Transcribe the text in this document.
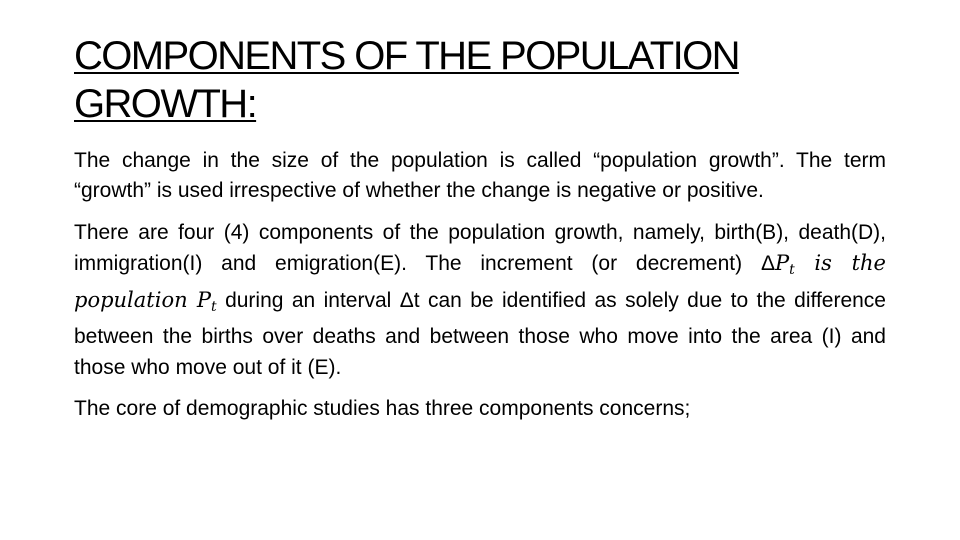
COMPONENTS OF THE POPULATION
GROWTH:

The change in the size of the population is called “population growth”. The term “growth” is used irrespective of whether the change is negative or positive.

There are four (4) components of the population growth, namely, birth(B), death(D), immigration(I) and emigration(E). The increment (or decrement) $\Delta P_t$ is the population $P_t$ during an interval Δt can be identified as solely due to the difference between the births over deaths and between those who move into the area (I) and those who move out of it (E).

The core of demographic studies has three components concerns;
